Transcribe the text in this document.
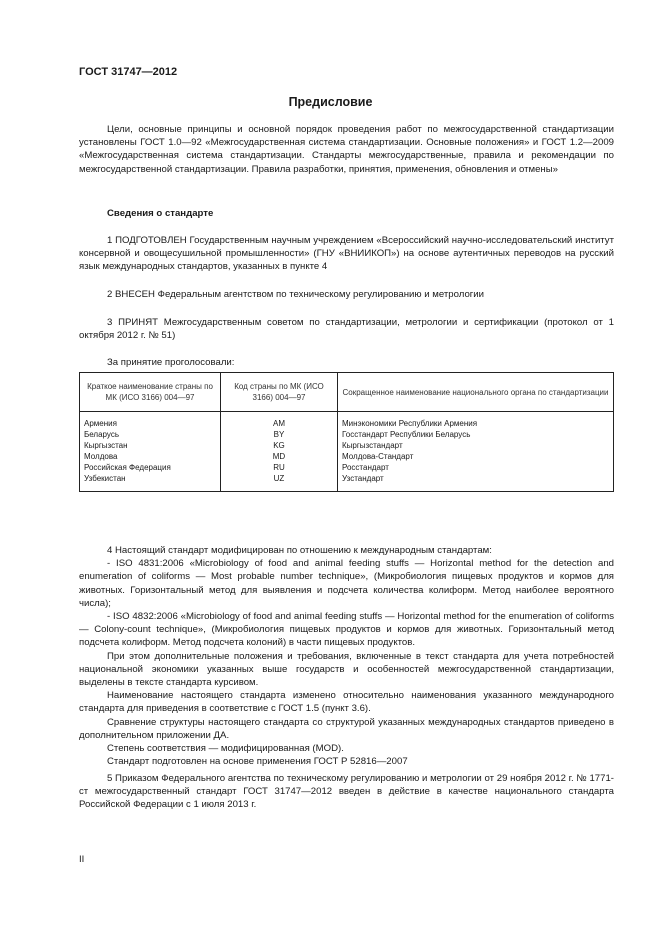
ГОСТ 31747—2012
Предисловие
Цели, основные принципы и основной порядок проведения работ по межгосударственной стандартизации установлены ГОСТ 1.0—92 «Межгосударственная система стандартизации. Основные положения» и ГОСТ 1.2—2009 «Межгосударственная система стандартизации. Стандарты межгосударственные, правила и рекомендации по межгосударственной стандартизации. Правила разработки, принятия, применения, обновления и отмены»
Сведения о стандарте
1 ПОДГОТОВЛЕН Государственным научным учреждением «Всероссийский научно-исследовательский институт консервной и овощесушильной промышленности» (ГНУ «ВНИИКОП») на основе аутентичных переводов на русский язык международных стандартов, указанных в пункте 4
2 ВНЕСЕН Федеральным агентством по техническому регулированию и метрологии
3 ПРИНЯТ Межгосударственным советом по стандартизации, метрологии и сертификации (протокол от 1 октября 2012 г. № 51)
За принятие проголосовали:
Краткое наименование страны по МК (ИСО 3166) 004—97	Код страны по МК (ИСО 3166) 004—97	Сокращенное наименование национального органа по стандартизации
Армения	AM	Минэкономики Республики Армения
Беларусь	BY	Госстандарт Республики Беларусь
Кыргызстан	KG	Кыргызстандарт
Молдова	MD	Молдова-Стандарт
Российская Федерация	RU	Росстандарт
Узбекистан	UZ	Узстандарт

4 Настоящий стандарт модифицирован по отношению к международным стандартам:

- ISO 4831:2006 «Microbiology of food and animal feeding stuffs — Horizontal method for the detection and enumeration of coliforms — Most probable number technique», (Микробиология пищевых продуктов и кормов для животных. Горизонтальный метод для выявления и подсчета количества колиформ. Метод наиболее вероятного числа);

- ISO 4832:2006 «Microbiology of food and animal feeding stuffs — Horizontal method for the enumeration of coliforms — Colony-count technique», (Микробиология пищевых продуктов и кормов для животных. Горизонтальный метод подсчета колиформ. Метод подсчета колоний) в части пищевых продуктов.

При этом дополнительные положения и требования, включенные в текст стандарта для учета потребностей национальной экономики указанных выше государств и особенностей межгосударственной стандартизации, выделены в тексте стандарта курсивом.

Наименование настоящего стандарта изменено относительно наименования указанного международного стандарта для приведения в соответствие с ГОСТ 1.5 (пункт 3.6).

Сравнение структуры настоящего стандарта со структурой указанных международных стандартов приведено в дополнительном приложении ДА.

Степень соответствия — модифицированная (MOD).

Стандарт подготовлен на основе применения ГОСТ Р 52816—2007

5 Приказом Федерального агентства по техническому регулированию и метрологии от 29 ноября 2012 г. № 1771-ст межгосударственный стандарт ГОСТ 31747—2012 введен в действие в качестве национального стандарта Российской Федерации с 1 июля 2013 г.
II
